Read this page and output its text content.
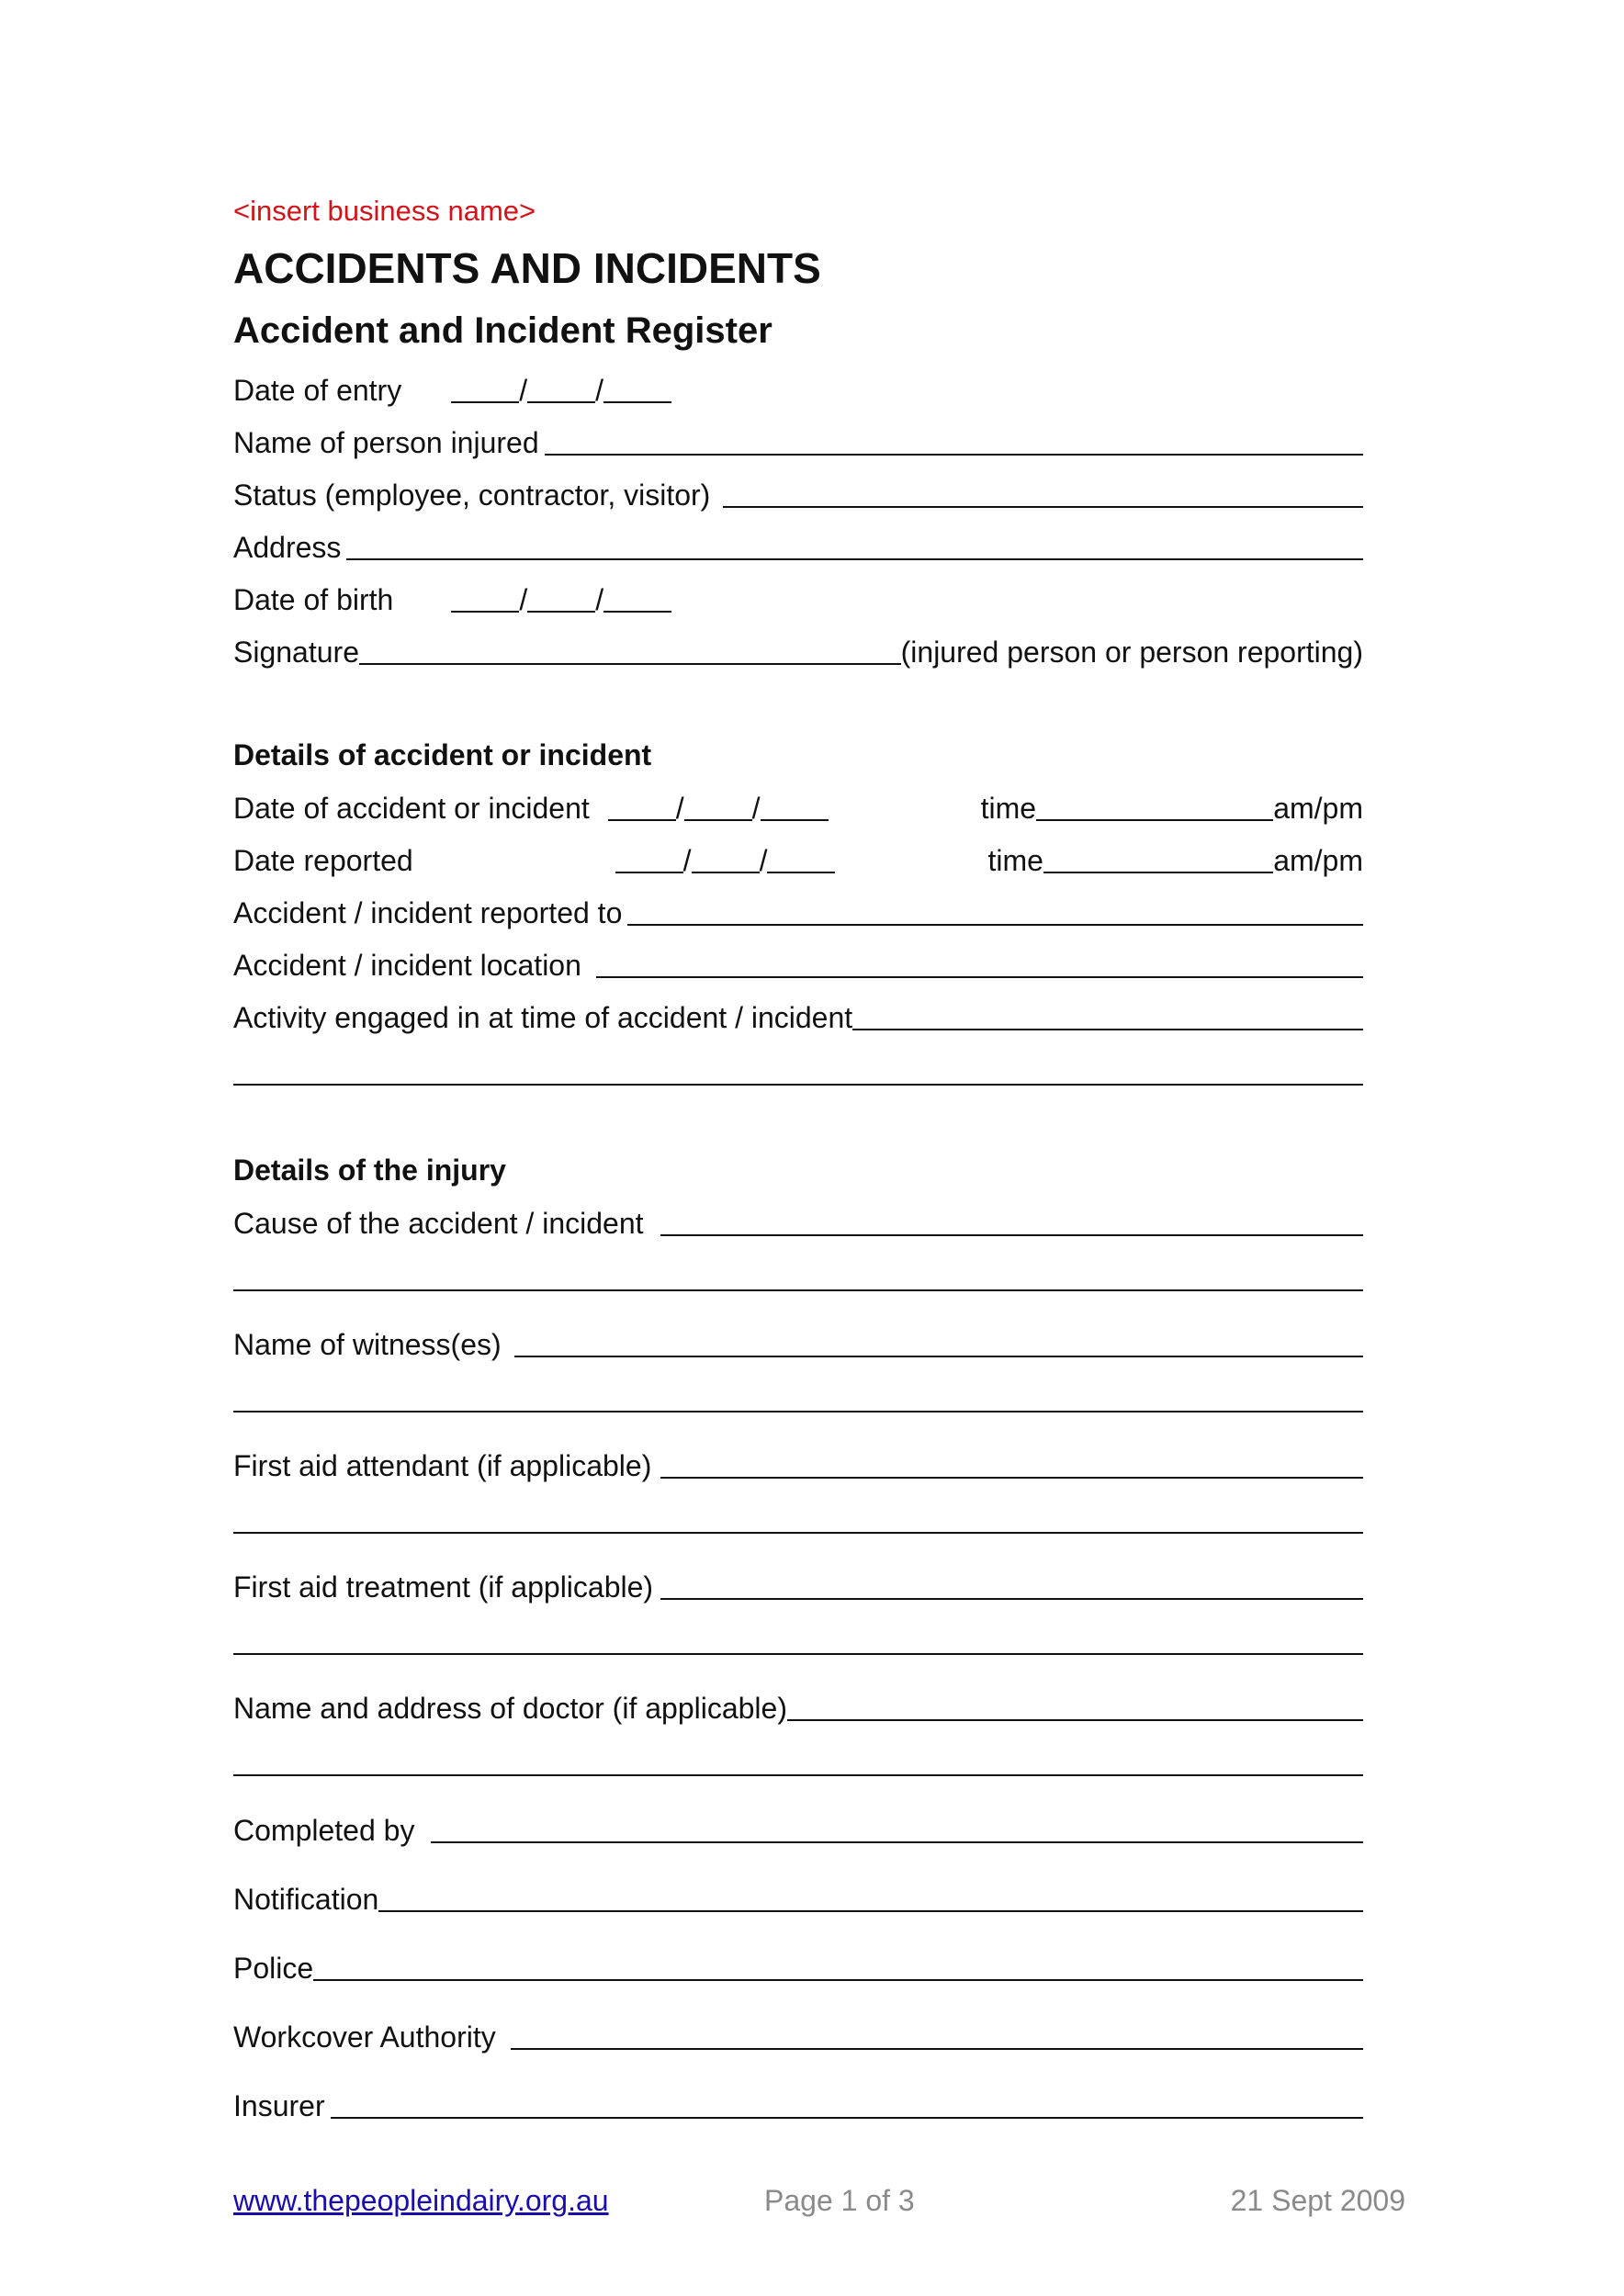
<insert business name>
ACCIDENTS AND INCIDENTS
Accident and Incident Register
Date of entry	/ /
Name of person injured
Status (employee, contractor, visitor)
Address
Date of birth	/ /
Signature	(injured person or person reporting)
Details of accident or incident
Date of accident or incident	/ /	time	am/pm
Date reported	/ /	time	am/pm
Accident / incident reported to
Accident / incident location
Activity engaged in at time of accident / incident
Details of the injury
Cause of the accident / incident
Name of witness(es)
First aid attendant (if applicable)
First aid treatment (if applicable)
Name and address of doctor (if applicable)
Completed by
Notification
Police
Workcover Authority
Insurer
www.thepeopleindairy.org.au	Page 1 of 3	21 Sept 2009
